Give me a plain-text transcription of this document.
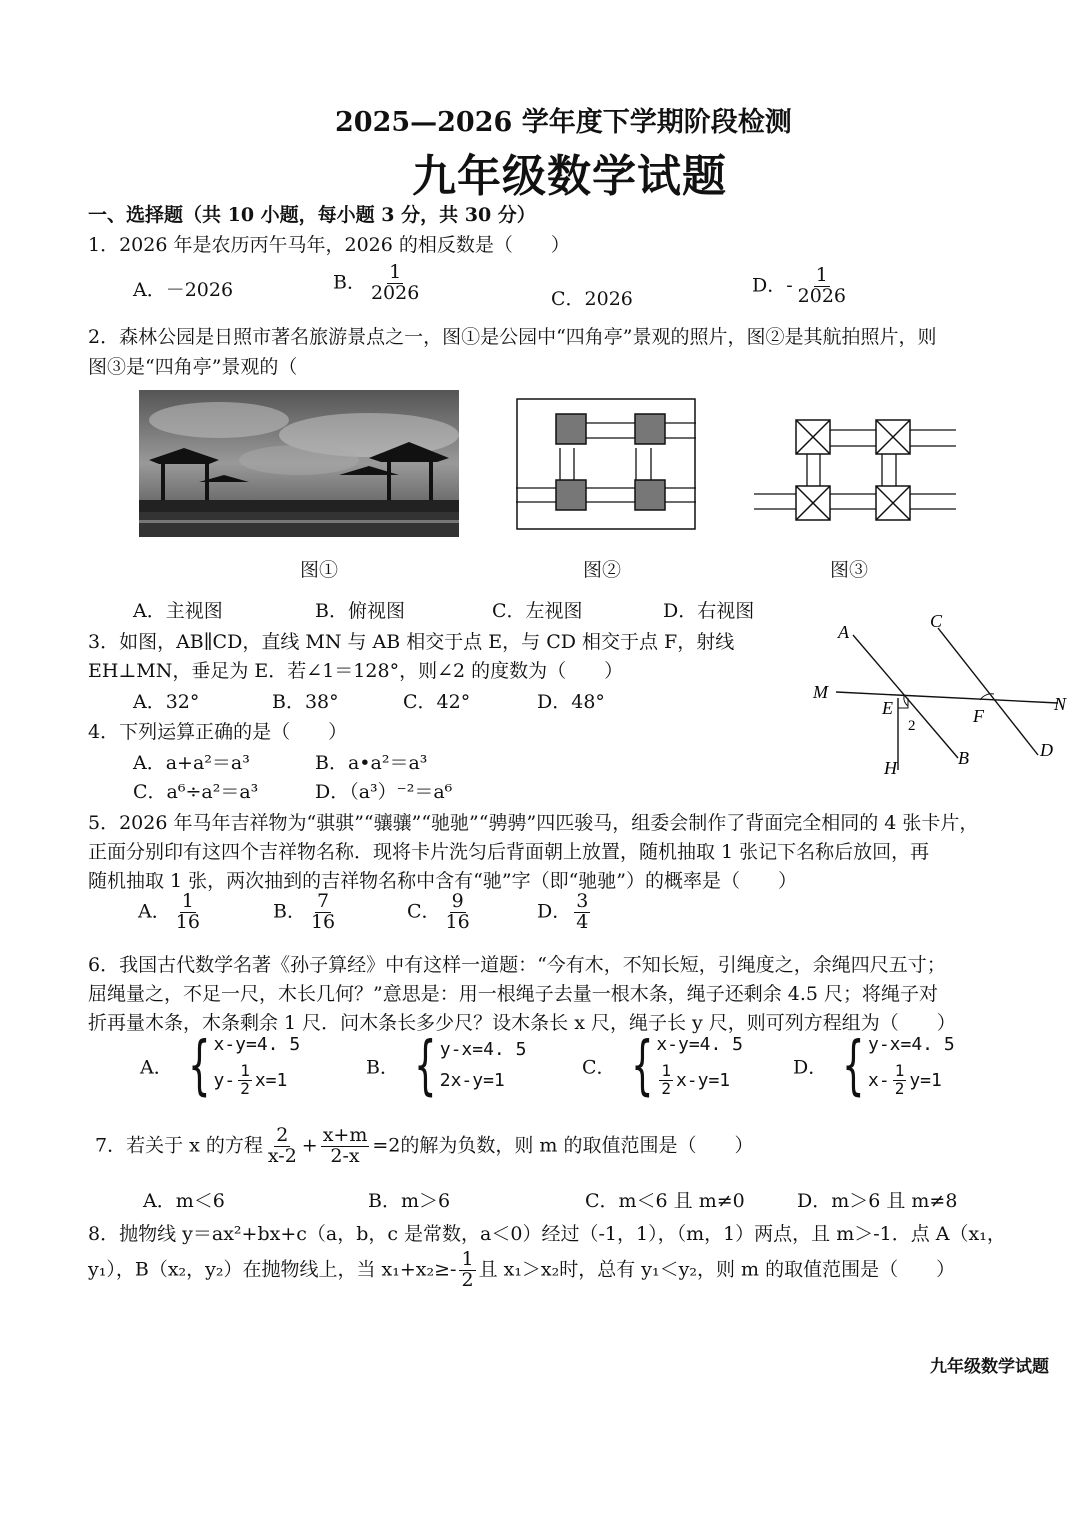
2025—2026 学年度下学期阶段检测
九年级数学试题
一、选择题（共 10 小题，每小题 3 分，共 30 分）
1．2026 年是农历丙午马年，2026 的相反数是（　　）
A．－2026	B． $\frac{1}{2026}$	C．2026
D．- $\frac{1}{2026}$
2．森林公园是日照市著名旅游景点之一，图①是公园中“四角亭”景观的照片，图②是其航拍照片，则
图③是“四角亭”景观的（
图①	图②	图③
A．主视图	B．俯视图	C．左视图	D．右视图
3．如图，AB∥CD，直线 MN 与 AB 相交于点 E，与 CD 相交于点 F，射线
EH⊥MN，垂足为 E．若∠1＝128°，则∠2 的度数为（　　）
A．32°	B．38°	C．42°	D．48°
A
C
M
N
E	F
2
B	D
H
4．下列运算正确的是（　　）
A．a+a²＝a³	B．a•a²＝a³
C．a⁶÷a²＝a³	D．（a³）⁻²＝a⁶
5．2026 年马年吉祥物为“骐骐”“骧骧”“驰驰”“骋骋”四匹骏马，组委会制作了背面完全相同的 4 张卡片，
正面分别印有这四个吉祥物名称．现将卡片洗匀后背面朝上放置，随机抽取 1 张记下名称后放回，再
随机抽取 1 张，两次抽到的吉祥物名称中含有“驰”字（即“驰驰”）的概率是（　　）
A． $\frac{1}{16}$	B． $\frac{7}{16}$	C． $\frac{9}{16}$	D． $\frac{3}{4}$
6．我国古代数学名著《孙子算经》中有这样一道题：“今有木，不知长短，引绳度之，余绳四尺五寸；
屈绳量之，不足一尺，木长几何？”意思是：用一根绳子去量一根木条，绳子还剩余 4.5 尺；将绳子对
折再量木条，木条剩余 1 尺．问木条长多少尺？设木条长 x 尺，绳子长 y 尺，则可列方程组为（　　）
A． { x-y=4. 5
$y- \frac{1}{2} x=1$
B． { y-x=4. 5
2x-y=1
C． { x-y=4. 5
$\frac{1}{2} x-y=1$
D． { y-x=4. 5
$x- \frac{1}{2} y=1$
7．若关于 x 的方程 $\frac{2}{x-2} + \frac{x+m}{2-x} =2$的解为负数，则 m 的取值范围是（　　）
A．m＜6	B．m＞6	C．m＜6 且 m≠0	D．m＞6 且 m≠8
8．抛物线 y＝ax²+bx+c（a，b，c 是常数，a＜0）经过（-1，1），（m，1）两点，且 m＞-1．点 A（x₁，
y₁），B（x₂，y₂）在抛物线上，当 $x_1+x_2\ge- \frac{1}{2}$ 且 x₁＞x₂时，总有 y₁＜y₂，则 m 的取值范围是（　　）
九年级数学试题
